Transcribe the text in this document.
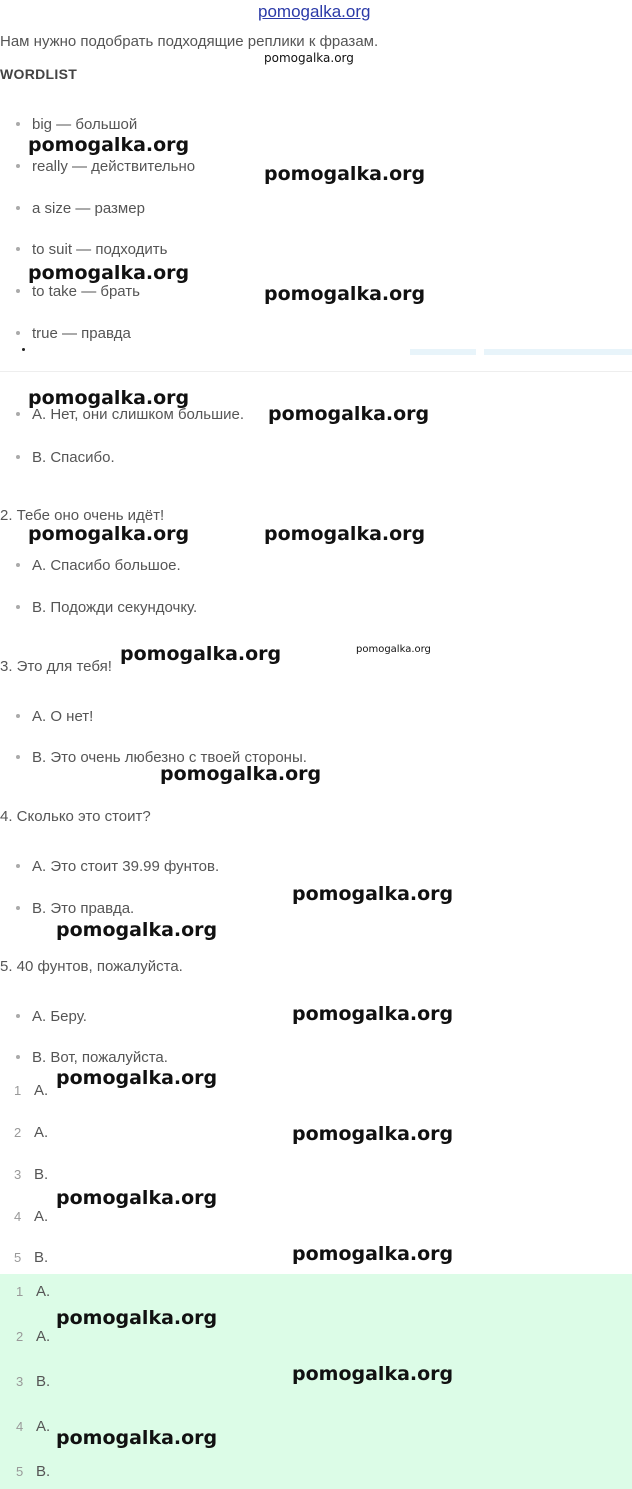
pomogalka.org
Нам нужно подобрать подходящие реплики к фразам.
WORDLIST
big — большой
really — действительно
a size — размер
to suit — подходить
to take — брать
true — правда
A. Нет, они слишком большие.
B. Спасибо.
2. Тебе оно очень идёт!
A. Спасибо большое.
B. Подожди секундочку.
3. Это для тебя!
A. О нет!
B. Это очень любезно с твоей стороны.
4. Сколько это стоит?
A. Это стоит 39.99 фунтов.
B. Это правда.
5. 40 фунтов, пожалуйста.
A. Беру.
B. Вот, пожалуйста.
1 A.
2 A.
3 B.
4 A.
5 B.
1 A.
2 A.
3 B.
4 A.
5 B.
pomogalka.org
pomogalka.org
pomogalka.org
pomogalka.org
pomogalka.org
pomogalka.org
pomogalka.org
pomogalka.org	pomogalka.org
pomogalka.org	pomogalka.org
pomogalka.org
pomogalka.org
pomogalka.org
pomogalka.org
pomogalka.org
pomogalka.org
pomogalka.org
pomogalka.org
pomogalka.org
pomogalka.org
pomogalka.org
